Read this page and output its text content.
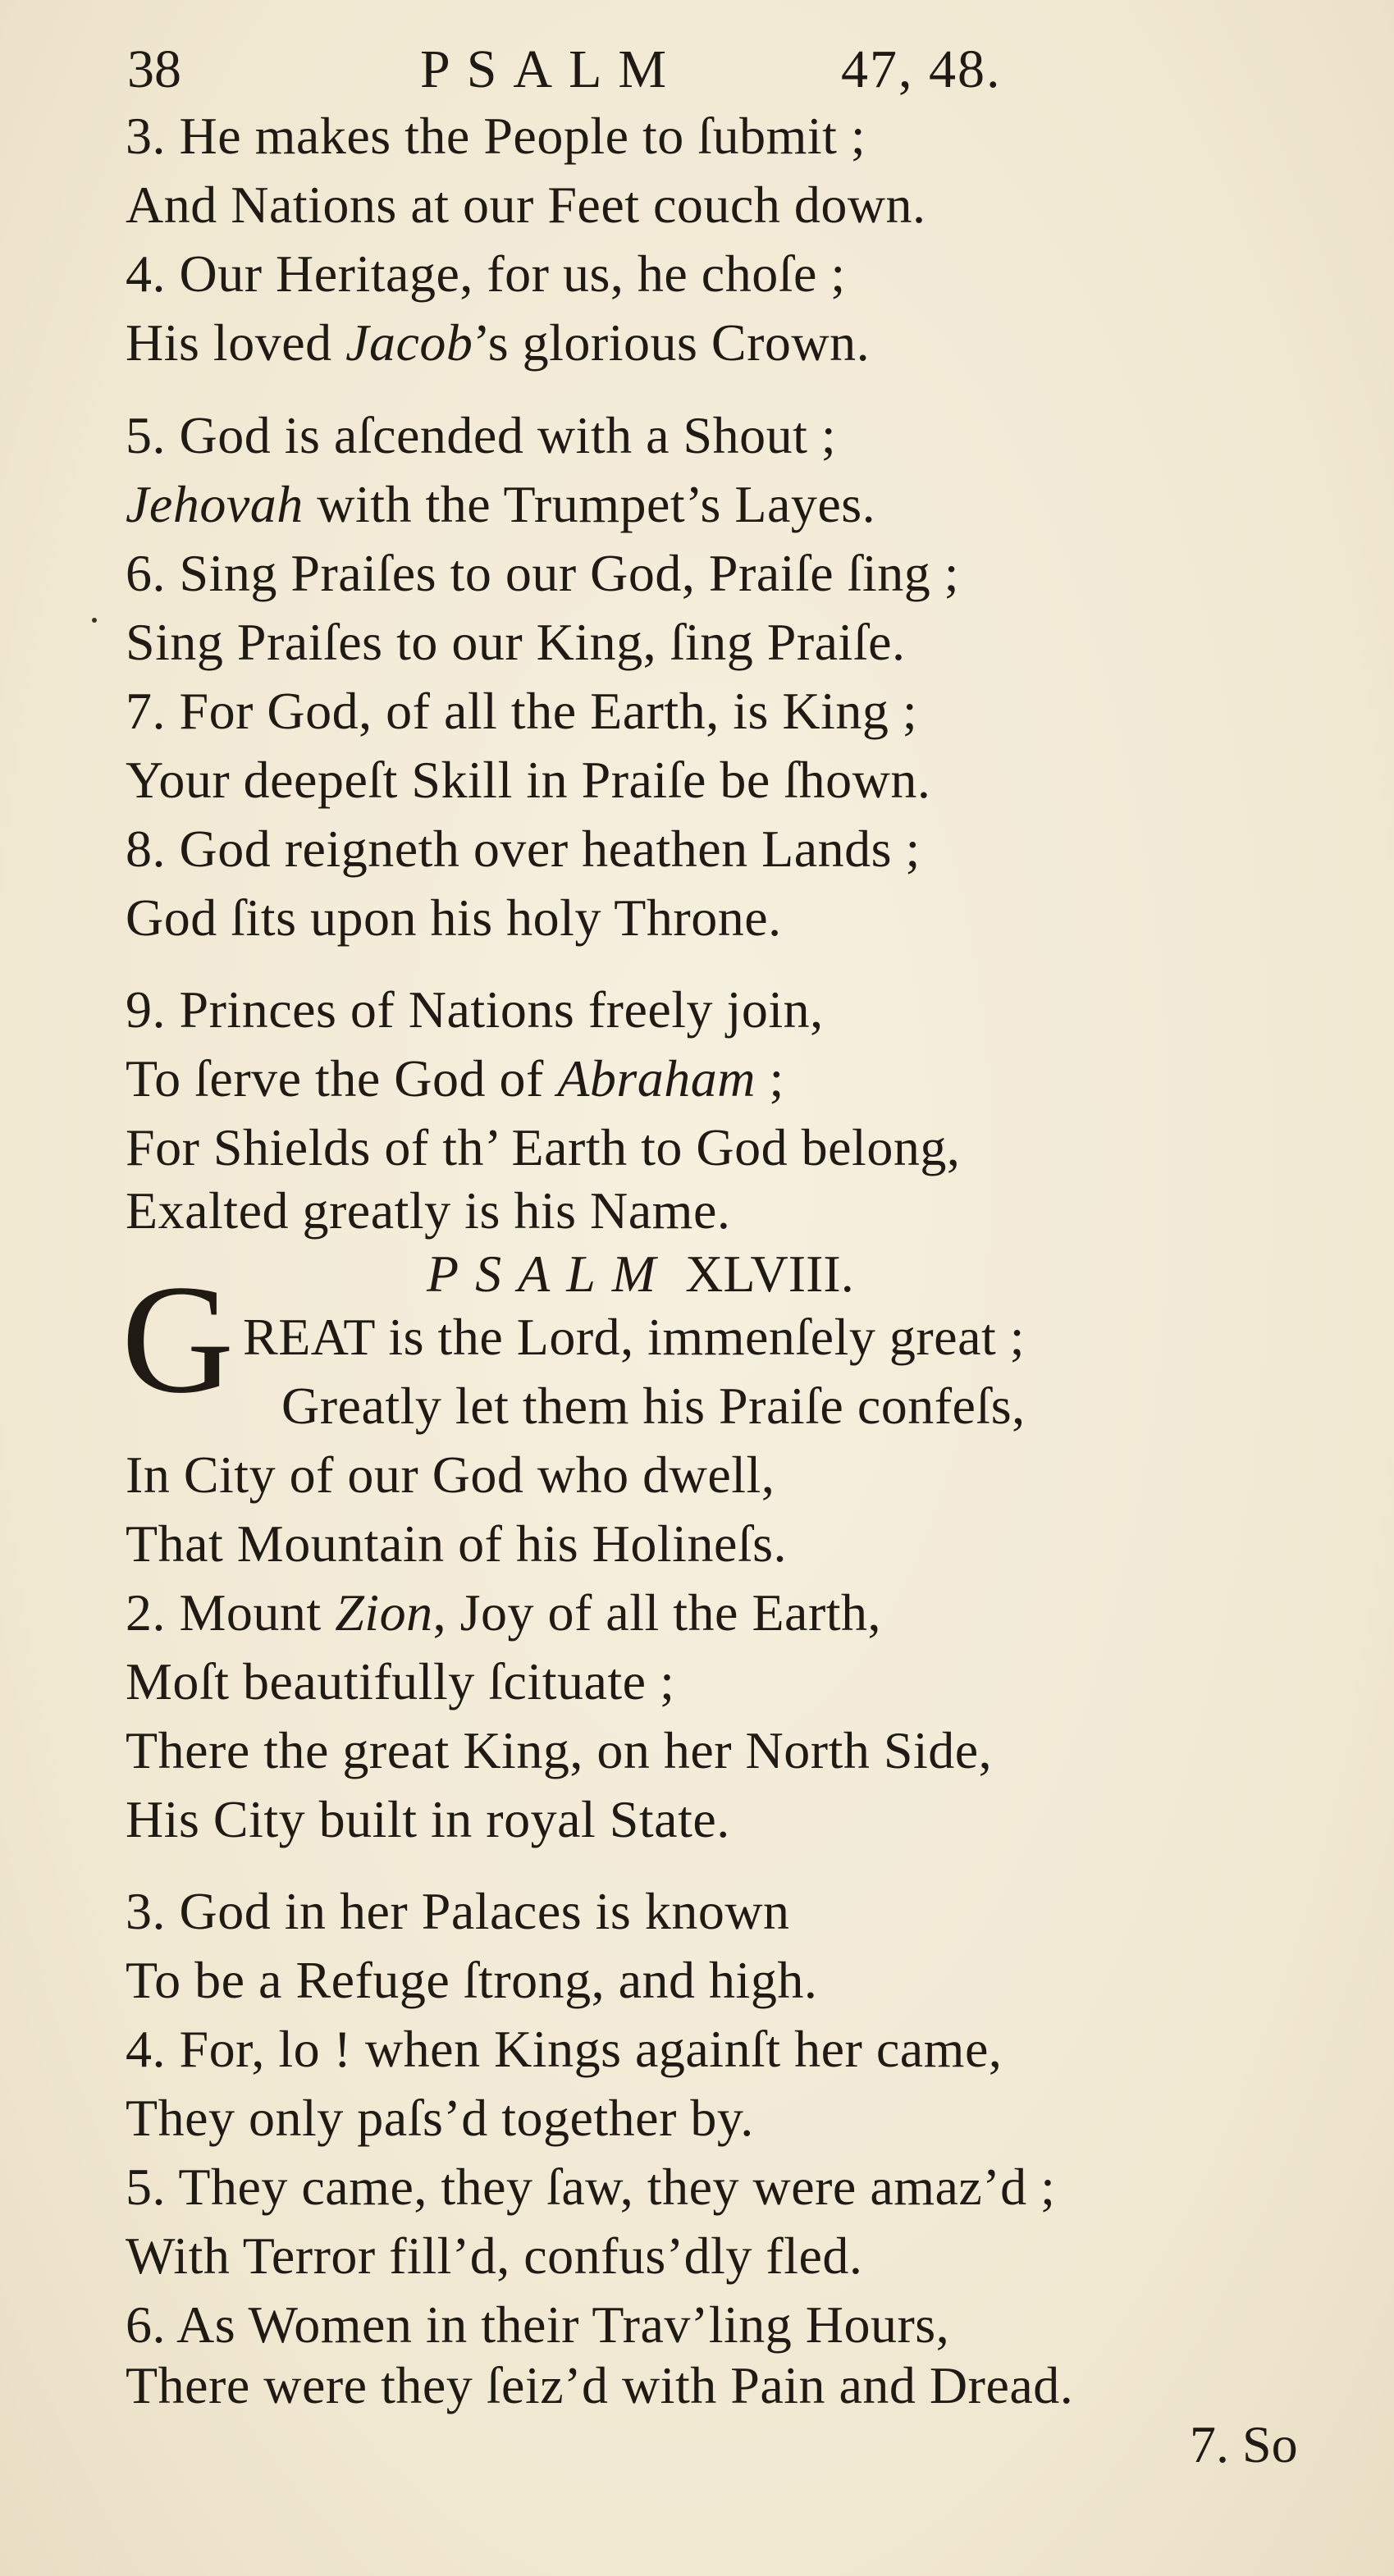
38	PSALM	47, 48.
3. He makes the People to ſubmit ;
And Nations at our Feet couch down.
4. Our Heritage, for us, he choſe ;
His loved Jacob’s glorious Crown.
5. God is aſcended with a Shout ;
Jehovah with the Trumpet’s Layes.
6. Sing Praiſes to our God, Praiſe ſing ;
Sing Praiſes to our King, ſing Praiſe.
7. For God, of all the Earth, is King ;
Your deepeſt Skill in Praiſe be ſhown.
8. God reigneth over heathen Lands ;
God ſits upon his holy Throne.
9. Princes of Nations freely join,
To ſerve the God of Abraham ;
For Shields of th’ Earth to God belong,
Exalted greatly is his Name.
PSALM XLVIII.
G REAT is the Lord, immenſely great ;
Greatly let them his Praiſe confeſs,
In City of our God who dwell,
That Mountain of his Holineſs.
2. Mount Zion, Joy of all the Earth,
Moſt beautifully ſcituate ;
There the great King, on her North Side,
His City built in royal State.
3. God in her Palaces is known
To be a Refuge ſtrong, and high.
4. For, lo ! when Kings againſt her came,
They only paſs’d together by.
5. They came, they ſaw, they were amaz’d ;
With Terror fill’d, confus’dly fled.
6. As Women in their Trav’ling Hours,
There were they ſeiz’d with Pain and Dread.
7. So
